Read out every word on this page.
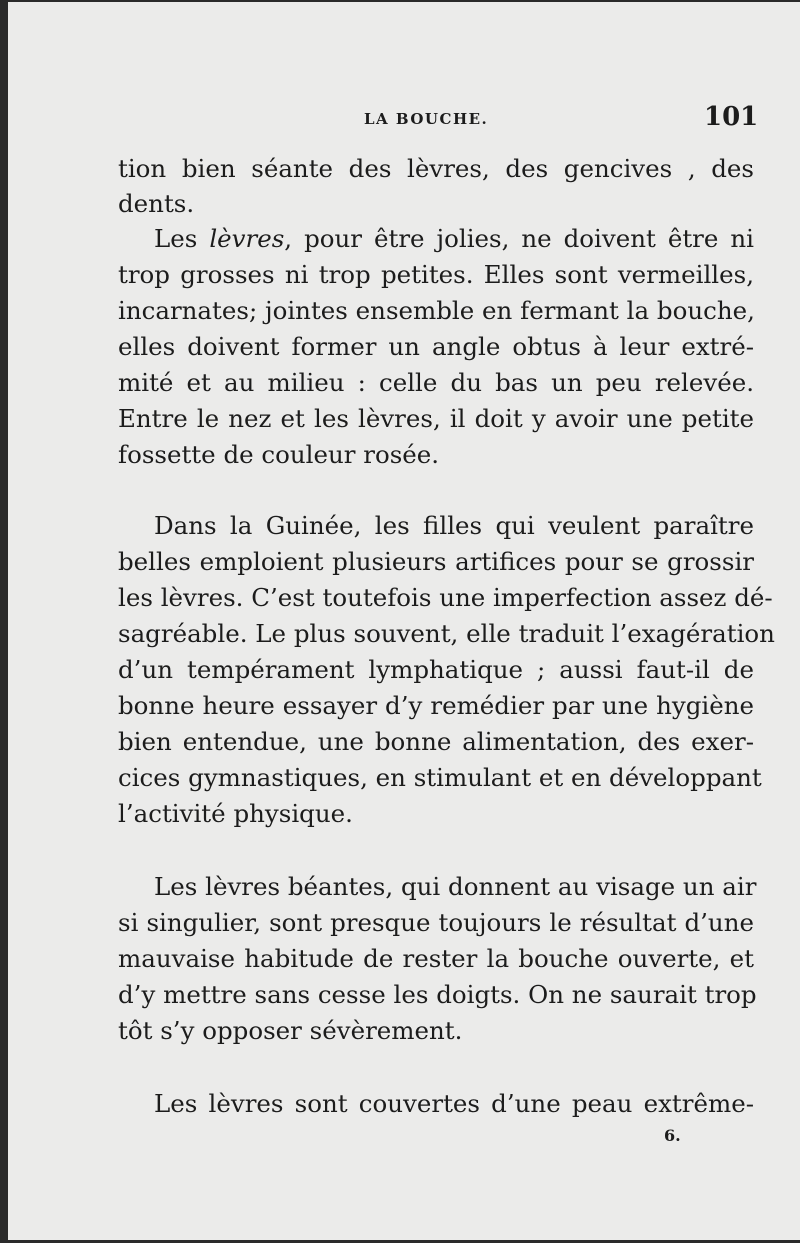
LA BOUCHE.	101
tion bien séante des lèvres, des gencives , des
dents.
Les lèvres, pour être jolies, ne doivent être ni
trop grosses ni trop petites. Elles sont vermeilles,
incarnates; jointes ensemble en fermant la bouche,
elles doivent former un angle obtus à leur extré-
mité et au milieu : celle du bas un peu relevée.
Entre le nez et les lèvres, il doit y avoir une petite
fossette de couleur rosée.
Dans la Guinée, les filles qui veulent paraître
belles emploient plusieurs artifices pour se grossir
les lèvres. C’est toutefois une imperfection assez dé-
sagréable. Le plus souvent, elle traduit l’exagération
d’un tempérament lymphatique ; aussi faut-il de
bonne heure essayer d’y remédier par une hygiène
bien entendue, une bonne alimentation, des exer-
cices gymnastiques, en stimulant et en développant
l’activité physique.
Les lèvres béantes, qui donnent au visage un air
si singulier, sont presque toujours le résultat d’une
mauvaise habitude de rester la bouche ouverte, et
d’y mettre sans cesse les doigts. On ne saurait trop
tôt s’y opposer sévèrement.
Les lèvres sont couvertes d’une peau extrême-
6.
